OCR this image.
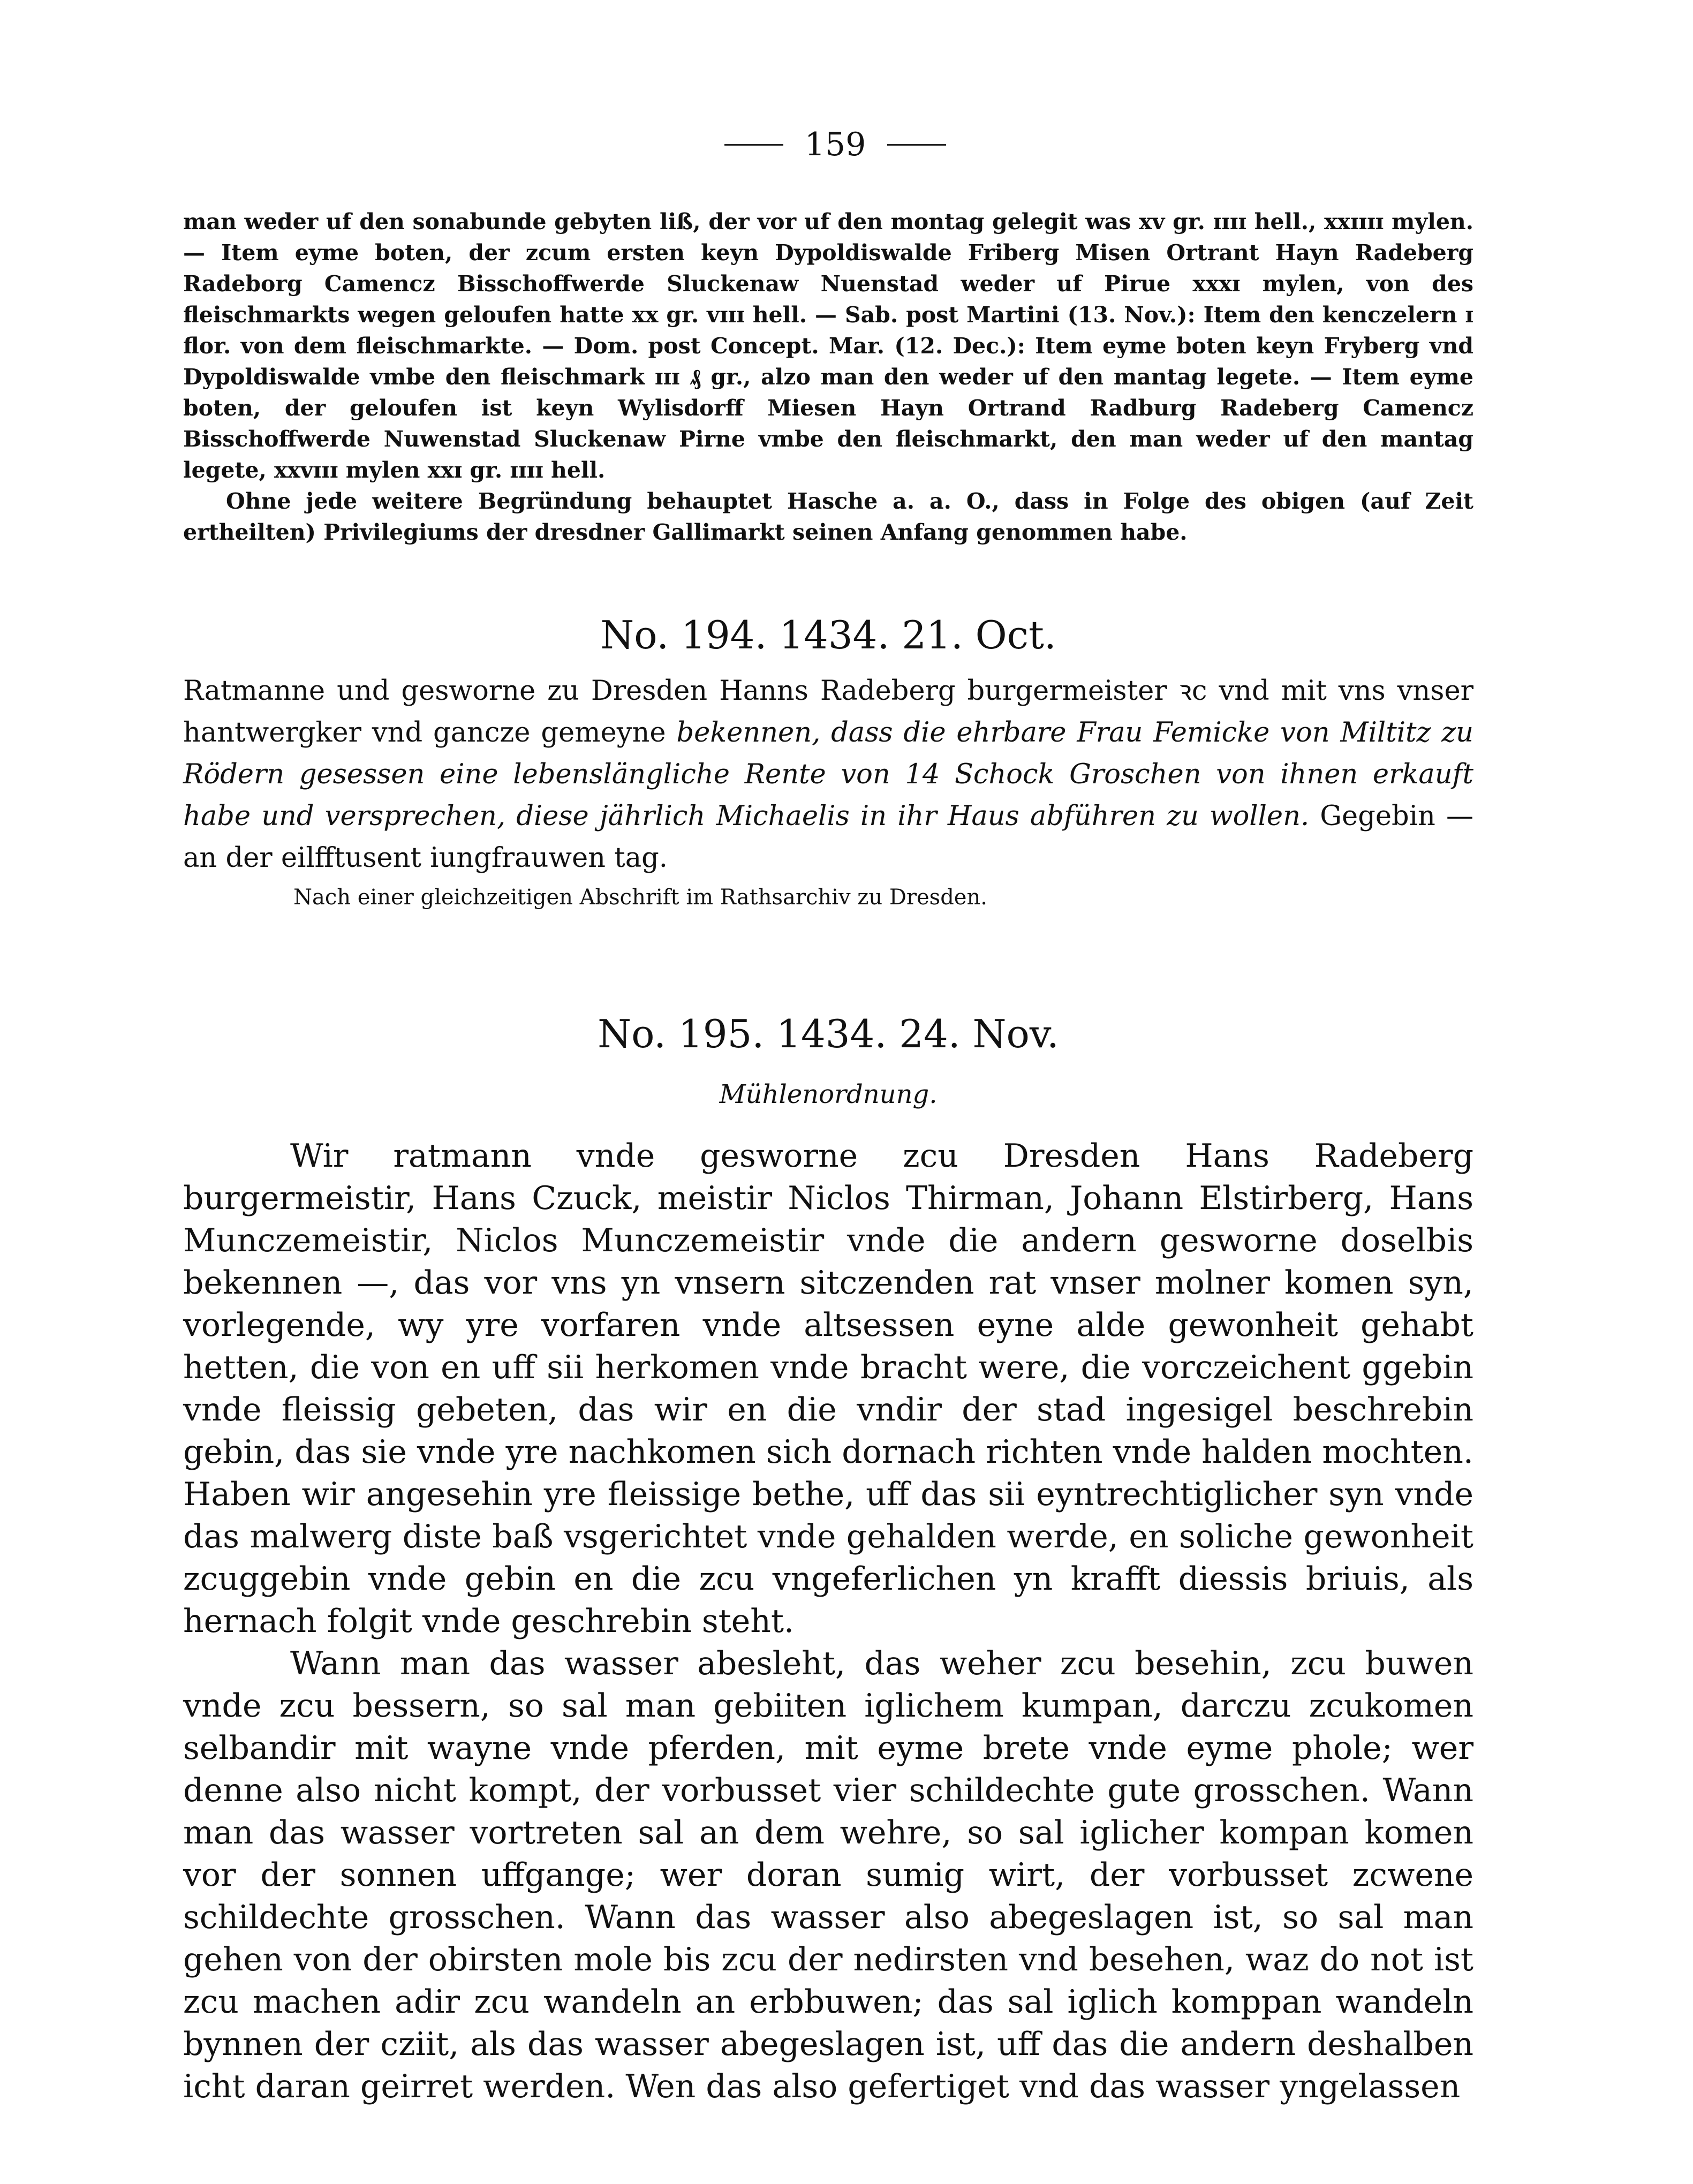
159

man weder uf den sonabunde gebyten liß, der vor uf den montag gelegit was xv gr. ɪɪɪɪ hell., xxɪɪɪɪ mylen. — Item eyme boten, der zcum ersten keyn Dypoldiswalde Friberg Misen Ortrant Hayn Radeberg Radeborg Camencz Bisschoffwerde Sluckenaw Nuenstad weder uf Pirue xxxɪ mylen, von des fleischmarkts wegen geloufen hatte xx gr. vɪɪɪ hell. — Sab. post Martini (13. Nov.): Item den kenczelern ɪ flor. von dem fleischmarkte. — Dom. post Concept. Mar. (12. Dec.): Item eyme boten keyn Fryberg vnd Dypoldiswalde vmbe den fleischmark ɪɪɪ ₰ gr., alzo man den weder uf den mantag legete. — Item eyme boten, der geloufen ist keyn Wylisdorff Miesen Hayn Ortrand Radburg Radeberg Camencz Bisschoffwerde Nuwenstad Sluckenaw Pirne vmbe den fleischmarkt, den man weder uf den mantag legete, xxvɪɪɪ mylen xxɪ gr. ɪɪɪɪ hell.

Ohne jede weitere Begründung behauptet Hasche a. a. O., dass in Folge des obigen (auf Zeit ertheilten) Privilegiums der dresdner Gallimarkt seinen Anfang genommen habe.

No. 194. 1434. 21. Oct.

Ratmanne und gesworne zu Dresden Hanns Radeberg burgermeister ꝛc vnd mit vns vnser hantwergker vnd gancze gemeyne bekennen, dass die ehrbare Frau Femicke von Miltitz zu Rödern gesessen eine lebenslängliche Rente von 14 Schock Groschen von ihnen erkauft habe und versprechen, diese jährlich Michaelis in ihr Haus abführen zu wollen. Gegebin — an der eilfftusent iungfrauwen tag.

Nach einer gleichzeitigen Abschrift im Rathsarchiv zu Dresden.

No. 195. 1434. 24. Nov.
Mühlenordnung.

Wir ratmann vnde gesworne zcu Dresden Hans Radeberg burgermeistir, Hans Czuck, meistir Niclos Thirman, Johann Elstirberg, Hans Munczemeistir, Niclos Munczemeistir vnde die andern gesworne doselbis bekennen —, das vor vns yn vnsern sitczenden rat vnser molner komen syn, vorlegende, wy yre vorfaren vnde altsessen eyne alde gewonheit gehabt hetten, die von en uff sii herkomen vnde bracht were, die vorczeichent ggebin vnde fleissig gebeten, das wir en die vndir der stad ingesigel beschrebin gebin, das sie vnde yre nachkomen sich dornach richten vnde halden mochten. Haben wir angesehin yre fleissige bethe, uff das sii eyntrechtiglicher syn vnde das malwerg diste baß vsgerichtet vnde gehalden werde, en soliche gewonheit zcuggebin vnde gebin en die zcu vngeferlichen yn krafft diessis briuis, als hernach folgit vnde geschrebin steht.

Wann man das wasser abesleht, das weher zcu besehin, zcu buwen vnde zcu bessern, so sal man gebiiten iglichem kumpan, darczu zcukomen selbandir mit wayne vnde pferden, mit eyme brete vnde eyme phole; wer denne also nicht kompt, der vorbusset vier schildechte gute grosschen. Wann man das wasser vortreten sal an dem wehre, so sal iglicher kompan komen vor der sonnen uffgange; wer doran sumig wirt, der vorbusset zcwene schildechte grosschen. Wann das wasser also abegeslagen ist, so sal man gehen von der obirsten mole bis zcu der nedirsten vnd besehen, waz do not ist zcu machen adir zcu wandeln an erbbuwen; das sal iglich komppan wandeln bynnen der cziit, als das wasser abegeslagen ist, uff das die andern deshalben icht daran geirret werden. Wen das also gefertiget vnd das wasser yngelassen
